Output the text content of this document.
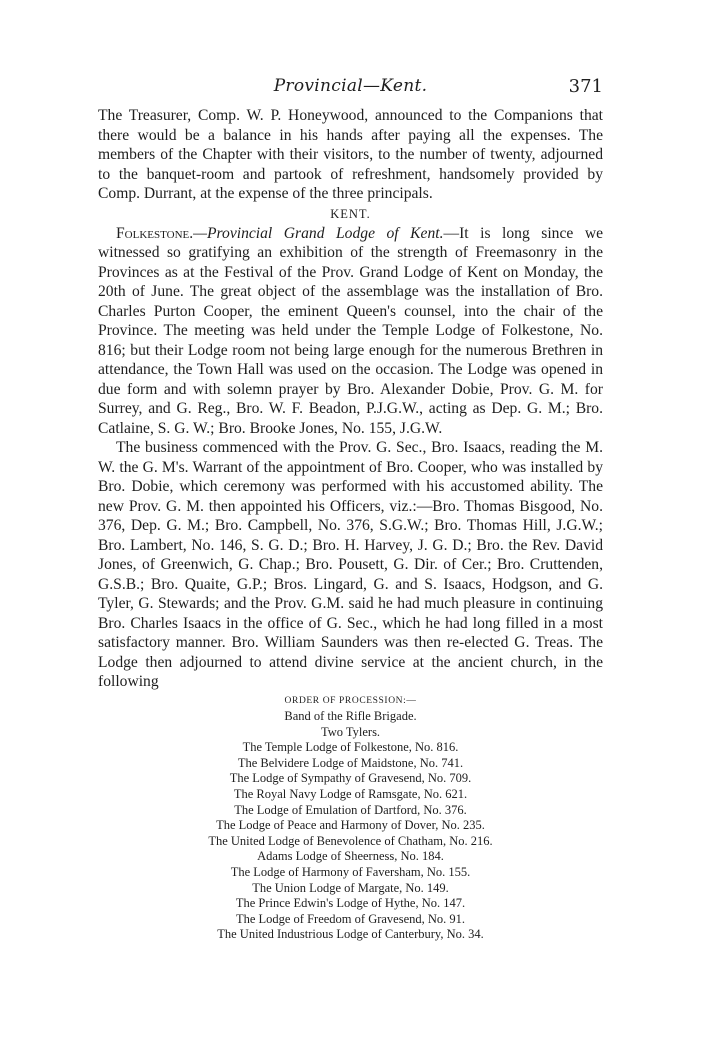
Provincial—Kent.	371

The Treasurer, Comp. W. P. Honeywood, announced to the Companions that there would be a balance in his hands after paying all the expenses. The members of the Chapter with their visitors, to the number of twenty, adjourned to the banquet-room and partook of refreshment, handsomely provided by Comp. Durrant, at the expense of the three principals.

KENT.

Folkestone.—Provincial Grand Lodge of Kent.—It is long since we witnessed so gratifying an exhibition of the strength of Freemasonry in the Provinces as at the Festival of the Prov. Grand Lodge of Kent on Monday, the 20th of June. The great object of the assemblage was the installation of Bro. Charles Purton Cooper, the eminent Queen's counsel, into the chair of the Province. The meeting was held under the Temple Lodge of Folkestone, No. 816; but their Lodge room not being large enough for the numerous Brethren in attendance, the Town Hall was used on the occasion. The Lodge was opened in due form and with solemn prayer by Bro. Alexander Dobie, Prov. G. M. for Surrey, and G. Reg., Bro. W. F. Beadon, P.J.G.W., acting as Dep. G. M.; Bro. Catlaine, S. G. W.; Bro. Brooke Jones, No. 155, J.G.W.

The business commenced with the Prov. G. Sec., Bro. Isaacs, reading the M. W. the G. M's. Warrant of the appointment of Bro. Cooper, who was installed by Bro. Dobie, which ceremony was performed with his accustomed ability. The new Prov. G. M. then appointed his Officers, viz.:—Bro. Thomas Bisgood, No. 376, Dep. G. M.; Bro. Campbell, No. 376, S.G.W.; Bro. Thomas Hill, J.G.W.; Bro. Lambert, No. 146, S. G. D.; Bro. H. Harvey, J. G. D.; Bro. the Rev. David Jones, of Greenwich, G. Chap.; Bro. Pousett, G. Dir. of Cer.; Bro. Cruttenden, G.S.B.; Bro. Quaite, G.P.; Bros. Lingard, G. and S. Isaacs, Hodgson, and G. Tyler, G. Stewards; and the Prov. G.M. said he had much pleasure in continuing Bro. Charles Isaacs in the office of G. Sec., which he had long filled in a most satisfactory manner. Bro. William Saunders was then re-elected G. Treas. The Lodge then adjourned to attend divine service at the ancient church, in the following

ORDER OF PROCESSION:—
Band of the Rifle Brigade.
Two Tylers.
The Temple Lodge of Folkestone, No. 816.
The Belvidere Lodge of Maidstone, No. 741.
The Lodge of Sympathy of Gravesend, No. 709.
The Royal Navy Lodge of Ramsgate, No. 621.
The Lodge of Emulation of Dartford, No. 376.
The Lodge of Peace and Harmony of Dover, No. 235.
The United Lodge of Benevolence of Chatham, No. 216.
Adams Lodge of Sheerness, No. 184.
The Lodge of Harmony of Faversham, No. 155.
The Union Lodge of Margate, No. 149.
The Prince Edwin's Lodge of Hythe, No. 147.
The Lodge of Freedom of Gravesend, No. 91.
The United Industrious Lodge of Canterbury, No. 34.
